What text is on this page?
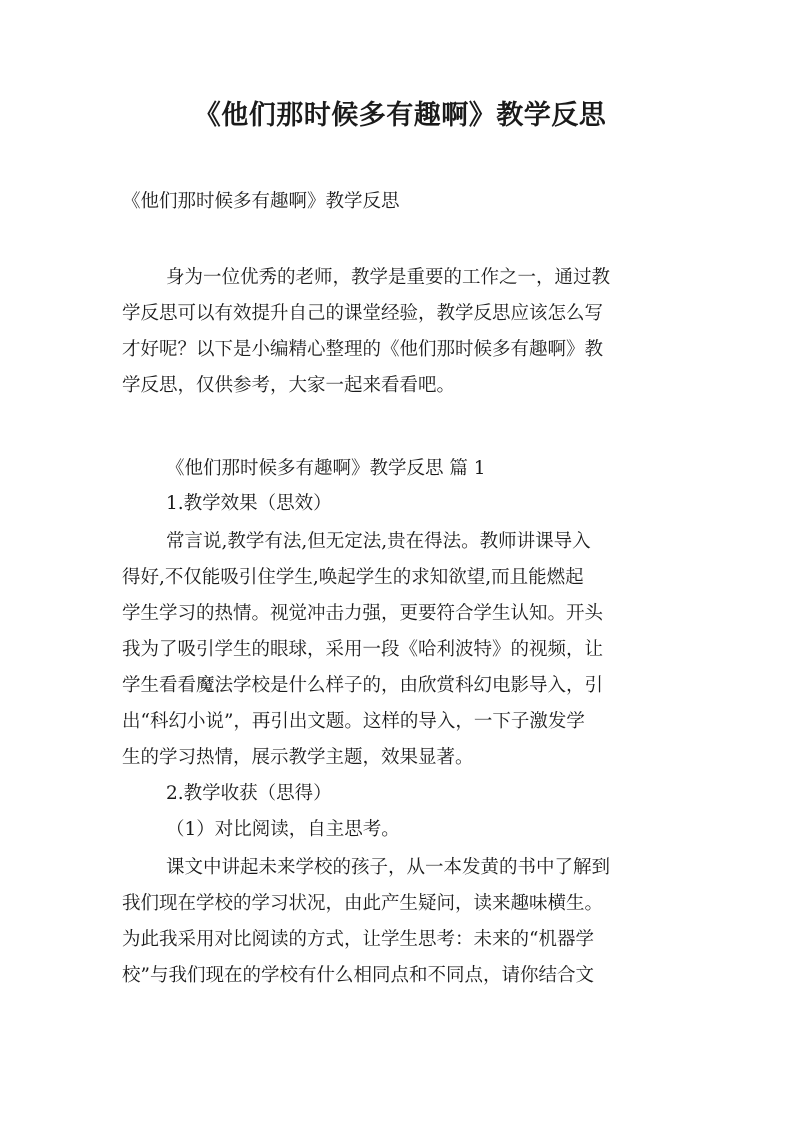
《他们那时候多有趣啊》教学反思

《他们那时候多有趣啊》教学反思

身为一位优秀的老师，教学是重要的工作之一，通过教

学反思可以有效提升自己的课堂经验，教学反思应该怎么写

才好呢？以下是小编精心整理的《他们那时候多有趣啊》教

学反思，仅供参考，大家一起来看看吧。

《他们那时候多有趣啊》教学反思 篇 1

1.教学效果（思效）

常言说,教学有法,但无定法,贵在得法。教师讲课导入

得好,不仅能吸引住学生,唤起学生的求知欲望,而且能燃起

学生学习的热情。视觉冲击力强，更要符合学生认知。开头

我为了吸引学生的眼球，采用一段《哈利波特》的视频，让

学生看看魔法学校是什么样子的，由欣赏科幻电影导入，引

出“科幻小说”，再引出文题。这样的导入，一下子激发学

生的学习热情，展示教学主题，效果显著。

2.教学收获（思得）

（1）对比阅读，自主思考。

课文中讲起未来学校的孩子，从一本发黄的书中了解到

我们现在学校的学习状况，由此产生疑问，读来趣味横生。

为此我采用对比阅读的方式，让学生思考：未来的“机器学

校”与我们现在的学校有什么相同点和不同点，请你结合文
